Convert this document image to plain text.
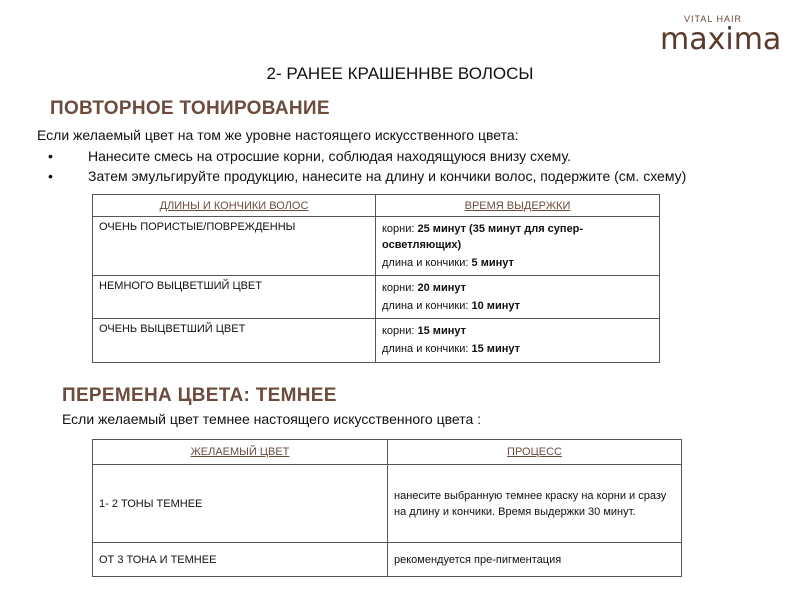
VITAL HAIR
maxima
2- РАНЕЕ КРАШЕННВЕ ВОЛОСЫ
ПОВТОРНОЕ ТОНИРОВАНИЕ
Если желаемый цвет на том же уровне настоящего искусственного цвета:
•	Нанесите смесь на отросшие корни, соблюдая находящуюся внизу схему.
•	Затем эмульгируйте продукцию, нанесите на длину и кончики волос, подержите (см. схему)
ДЛИНЫ И КОНЧИКИ ВОЛОС	ВРЕМЯ ВЫДЕРЖКИ
ОЧЕНЬ ПОРИСТЫЕ/ПОВРЕЖДЕННЫ	корни: 25 минут (35 минут для супер-осветляющих)
длина и кончики: 5 минут

НЕМНОГО ВЫЦВЕТШИЙ ЦВЕТ	корни: 20 минут
длина и кончики: 10 минут

ОЧЕНЬ ВЫЦВЕТШИЙ ЦВЕТ	корни: 15 минут
длина и кончики: 15 минут
ПЕРЕМЕНА ЦВЕТА: ТЕМНЕЕ
Если желаемый цвет темнее настоящего искусственного цвета :
ЖЕЛАЕМЫЙ ЦВЕТ	ПРОЦЕСС
1- 2 ТОНЫ ТЕМНЕЕ	нанесите выбранную темнее краску на корни и сразу на длину и кончики. Время выдержки 30 минут.
ОТ 3 ТОНА И ТЕМНЕЕ	рекомендуется пре-пигментация
